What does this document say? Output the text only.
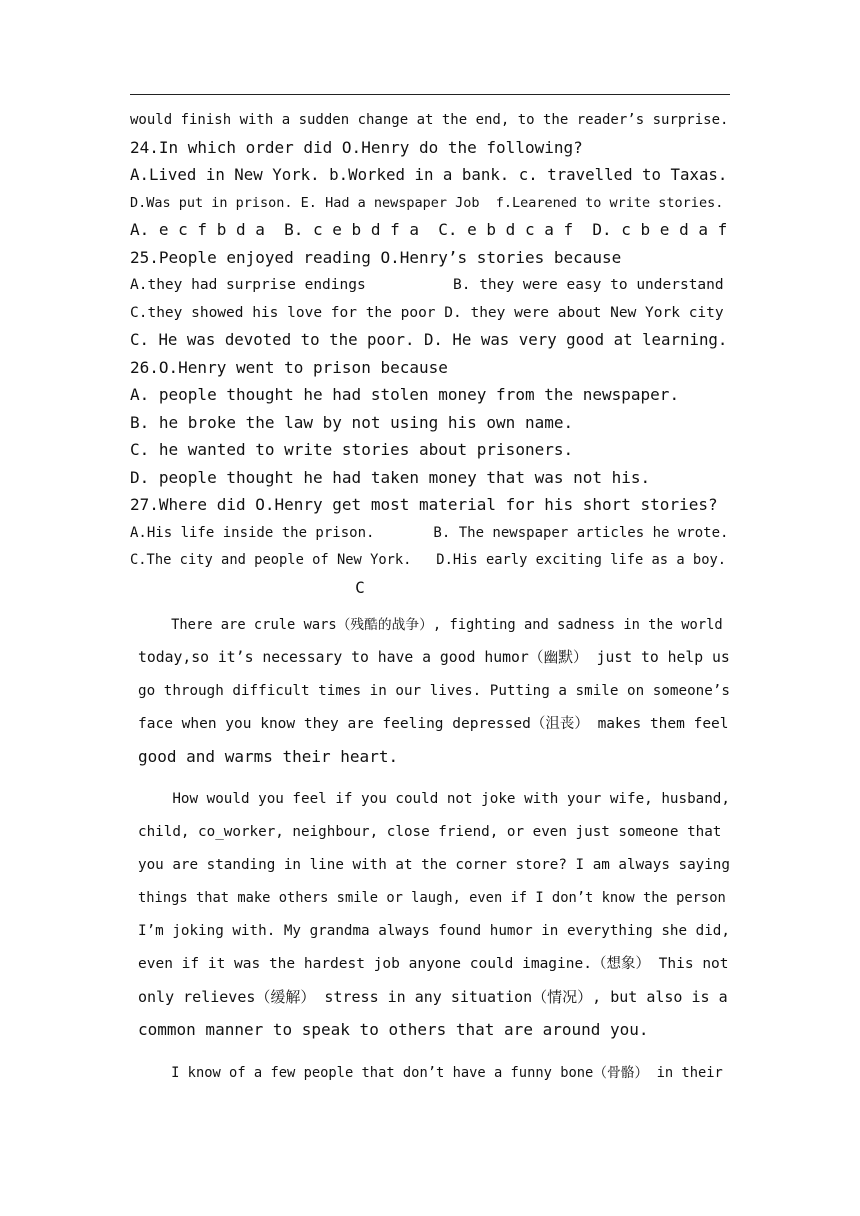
would finish with a sudden change at the end, to the reader’s surprise.
24.In which order did O.Henry do the following?
A.Lived in New York. b.Worked in a bank. c. travelled to Taxas.
D.Was put in prison. E. Had a newspaper Job  f.Learened to write stories.
A. e c f b d a  B. c e b d f a  C. e b d c a f  D. c b e d a f
25.People enjoyed reading O.Henry’s stories because
A.they had surprise endings          B. they were easy to understand
C.they showed his love for the poor D. they were about New York city
C. He was devoted to the poor. D. He was very good at learning.
26.O.Henry went to prison because
A. people thought he had stolen money from the newspaper.
B. he broke the law by not using his own name.
C. he wanted to write stories about prisoners.
D. people thought he had taken money that was not his.
27.Where did O.Henry get most material for his short stories?
A.His life inside the prison.       B. The newspaper articles he wrote.
C.The city and people of New York.   D.His early exciting life as a boy.
C
There are crule wars（残酷的战争）, fighting and sadness in the world
today,so it’s necessary to have a good humor（幽默） just to help us
go through difficult times in our lives. Putting a smile on someone’s
face when you know they are feeling depressed（沮丧） makes them feel
good and warms their heart.
How would you feel if you could not joke with your wife, husband,
child, co_worker, neighbour, close friend, or even just someone that
you are standing in line with at the corner store? I am always saying
things that make others smile or laugh, even if I don’t know the person
I’m joking with. My grandma always found humor in everything she did,
even if it was the hardest job anyone could imagine.（想象） This not
only relieves（缓解） stress in any situation（情况）, but also is a
common manner to speak to others that are around you.
I know of a few people that don’t have a funny bone（骨骼） in their
